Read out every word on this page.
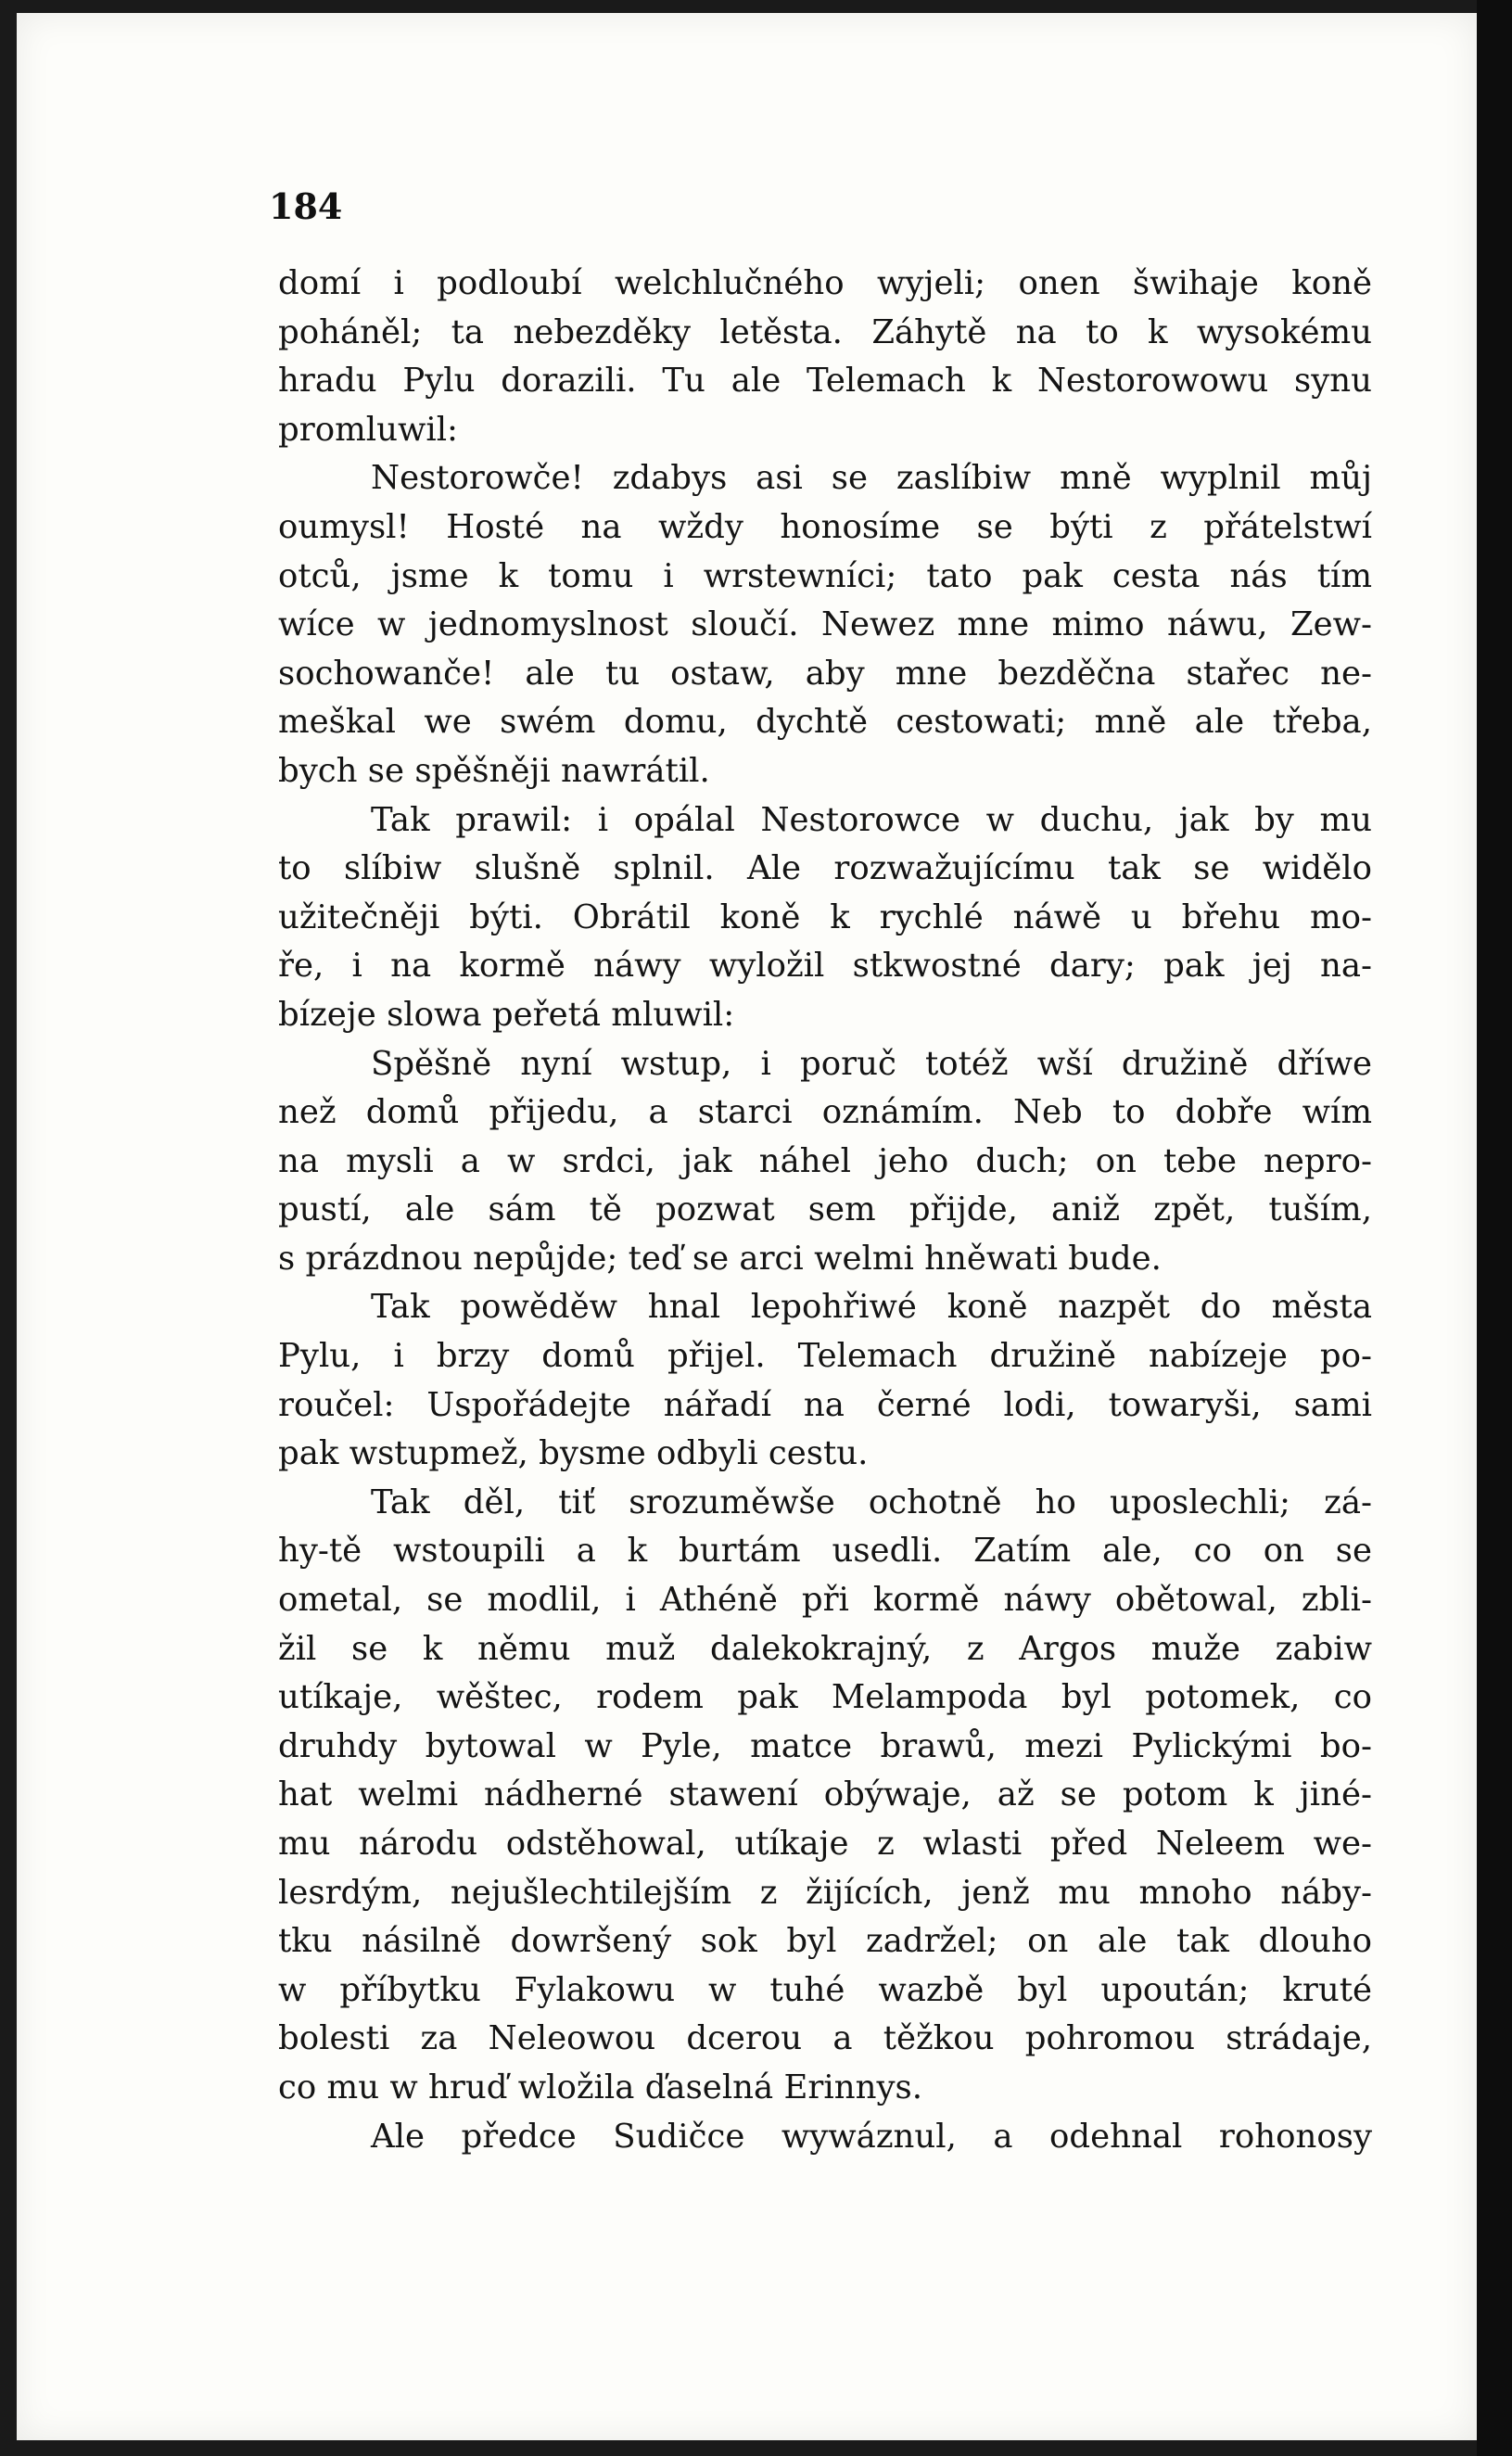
184

domí i podloubí welchlučného wyjeli; onen šwihaje koně
poháněl; ta nebezděky letěsta. Záhytě na to k wysokému
hradu Pylu dorazili. Tu ale Telemach k Nestorowowu synu
promluwil:

Nestorowče! zdabys asi se zaslíbiw mně wyplnil můj
oumysl! Hosté na wždy honosíme se býti z přátelstwí
otců, jsme k tomu i wrstewníci; tato pak cesta nás tím
wíce w jednomyslnost sloučí. Newez mne mimo náwu, Zew-
sochowanče! ale tu ostaw, aby mne bezděčna stařec ne-
meškal we swém domu, dychtě cestowati; mně ale třeba,
bych se spěšněji nawrátil.

Tak prawil: i opálal Nestorowce w duchu, jak by mu
to slíbiw slušně splnil. Ale rozwažujícímu tak se widělo
užitečněji býti. Obrátil koně k rychlé náwě u břehu mo-
ře, i na kormě náwy wyložil stkwostné dary; pak jej na-
bízeje slowa peřetá mluwil:

Spěšně nyní wstup, i poruč totéž wší družině dříwe
než domů přijedu, a starci oznámím. Neb to dobře wím
na mysli a w srdci, jak náhel jeho duch; on tebe nepro-
pustí, ale sám tě pozwat sem přijde, aniž zpět, tuším,
s prázdnou nepůjde; teď se arci welmi hněwati bude.

Tak powěděw hnal lepohřiwé koně nazpět do města
Pylu, i brzy domů přijel. Telemach družině nabízeje po-
roučel: Uspořádejte nářadí na černé lodi, towaryši, sami
pak wstupmež, bysme odbyli cestu.

Tak děl, tiť srozuměwše ochotně ho uposlechli; zá-
hy-tě wstoupili a k burtám usedli. Zatím ale, co on se
ometal, se modlil, i Athéně při kormě náwy obětowal, zbli-
žil se k němu muž dalekokrajný, z Argos muže zabiw
utíkaje, wěštec, rodem pak Melampoda byl potomek, co
druhdy bytowal w Pyle, matce brawů, mezi Pylickými bo-
hat welmi nádherné stawení obýwaje, až se potom k jiné-
mu národu odstěhowal, utíkaje z wlasti před Neleem we-
lesrdým, nejušlechtilejším z žijících, jenž mu mnoho náby-
tku násilně dowršený sok byl zadržel; on ale tak dlouho
w příbytku Fylakowu w tuhé wazbě byl upoután; kruté
bolesti za Neleowou dcerou a těžkou pohromou strádaje,
co mu w hruď wložila ďaselná Erinnys.

Ale předce Sudičce wywáznul, a odehnal rohonosy
